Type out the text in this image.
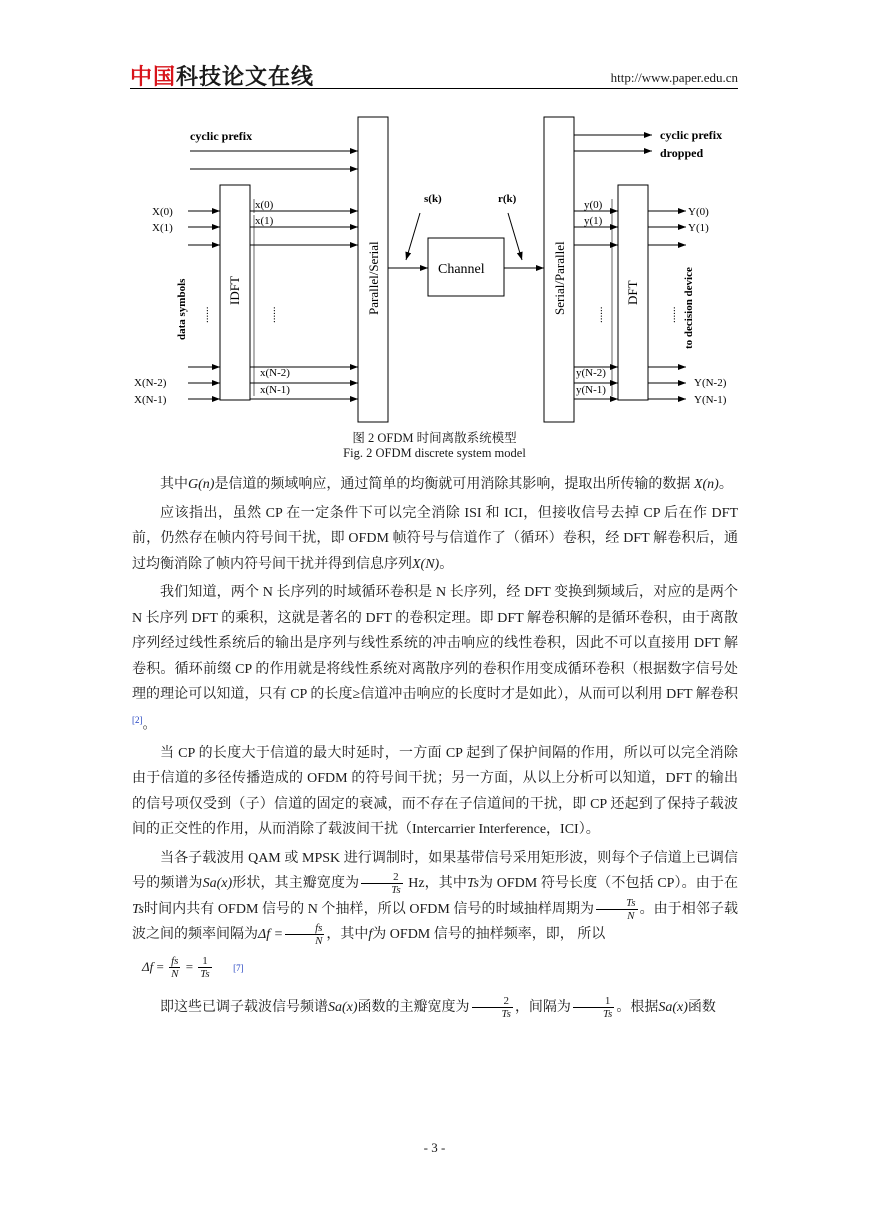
中国科技论文在线	http://www.paper.edu.cn
IDFT
X(0)
X(1)
X(N-2)
X(N-1)
data symbols ......
cyclic prefix
x(0)
x(1)
x(N-2)
x(N-1)
......	Parallel/Serial
s(k)	r(k)
Channel	Serial/Parallel
cyclic prefix
dropped
y(0)
y(1)
y(N-2)
y(N-1)
......
DFT
Y(0)
Y(1)
Y(N-2)
Y(N-1)
...... to decision device
图 2 OFDM 时间离散系统模型
Fig. 2 OFDM discrete system model

其中G(n)是信道的频域响应，通过简单的均衡就可用消除其影响，提取出所传输的数据 X(n)。

应该指出，虽然 CP 在一定条件下可以完全消除 ISI 和 ICI，但接收信号去掉 CP 后在作 DFT 前，仍然存在帧内符号间干扰，即 OFDM 帧符号与信道作了（循环）卷积，经 DFT 解卷积后，通过均衡消除了帧内符号间干扰并得到信息序列X(N)。

我们知道，两个 N 长序列的时域循环卷积是 N 长序列，经 DFT 变换到频域后，对应的是两个 N 长序列 DFT 的乘积，这就是著名的 DFT 的卷积定理。即 DFT 解卷积解的是循环卷积，由于离散序列经过线性系统后的输出是序列与线性系统的冲击响应的线性卷积，因此不可以直接用 DFT 解卷积。循环前缀 CP 的作用就是将线性系统对离散序列的卷积作用变成循环卷积（根据数字信号处理的理论可以知道，只有 CP 的长度≥信道冲击响应的长度时才是如此），从而可以利用 DFT 解卷积[2]。

当 CP 的长度大于信道的最大时延时，一方面 CP 起到了保护间隔的作用，所以可以完全消除由于信道的多径传播造成的 OFDM 的符号间干扰；另一方面，从以上分析可以知道，DFT 的输出的信号项仅受到（子）信道的固定的衰减，而不存在子信道间的干扰，即 CP 还起到了保持子载波间的正交性的作用，从而消除了载波间干扰（Intercarrier Interference，ICI）。

当各子载波用 QAM 或 MPSK 进行调制时，如果基带信号采用矩形波，则每个子信道上已调信号的频谱为Sa(x)形状，其主瓣宽度为 $\frac{2}{Ts}$ Hz，其中Ts为 OFDM 符号长度（不包括 CP）。由于在Ts时间内共有 OFDM 信号的 N 个抽样，所以 OFDM 信号的时域抽样周期为 $\frac{Ts}{N}$ 。由于相邻子载波之间的频率间隔为$\Delta f = \frac{fs}{N}$ ，其中f为 OFDM 信号的抽样频率，即， 所以

$\Delta f = \frac{fs}{N} = \frac{1}{Ts} [7]$

即这些已调子载波信号频谱Sa(x)函数的主瓣宽度为 $\frac{2}{Ts}$ ，间隔为 $\frac{1}{Ts}$ 。根据Sa(x)函数

- 3 -
